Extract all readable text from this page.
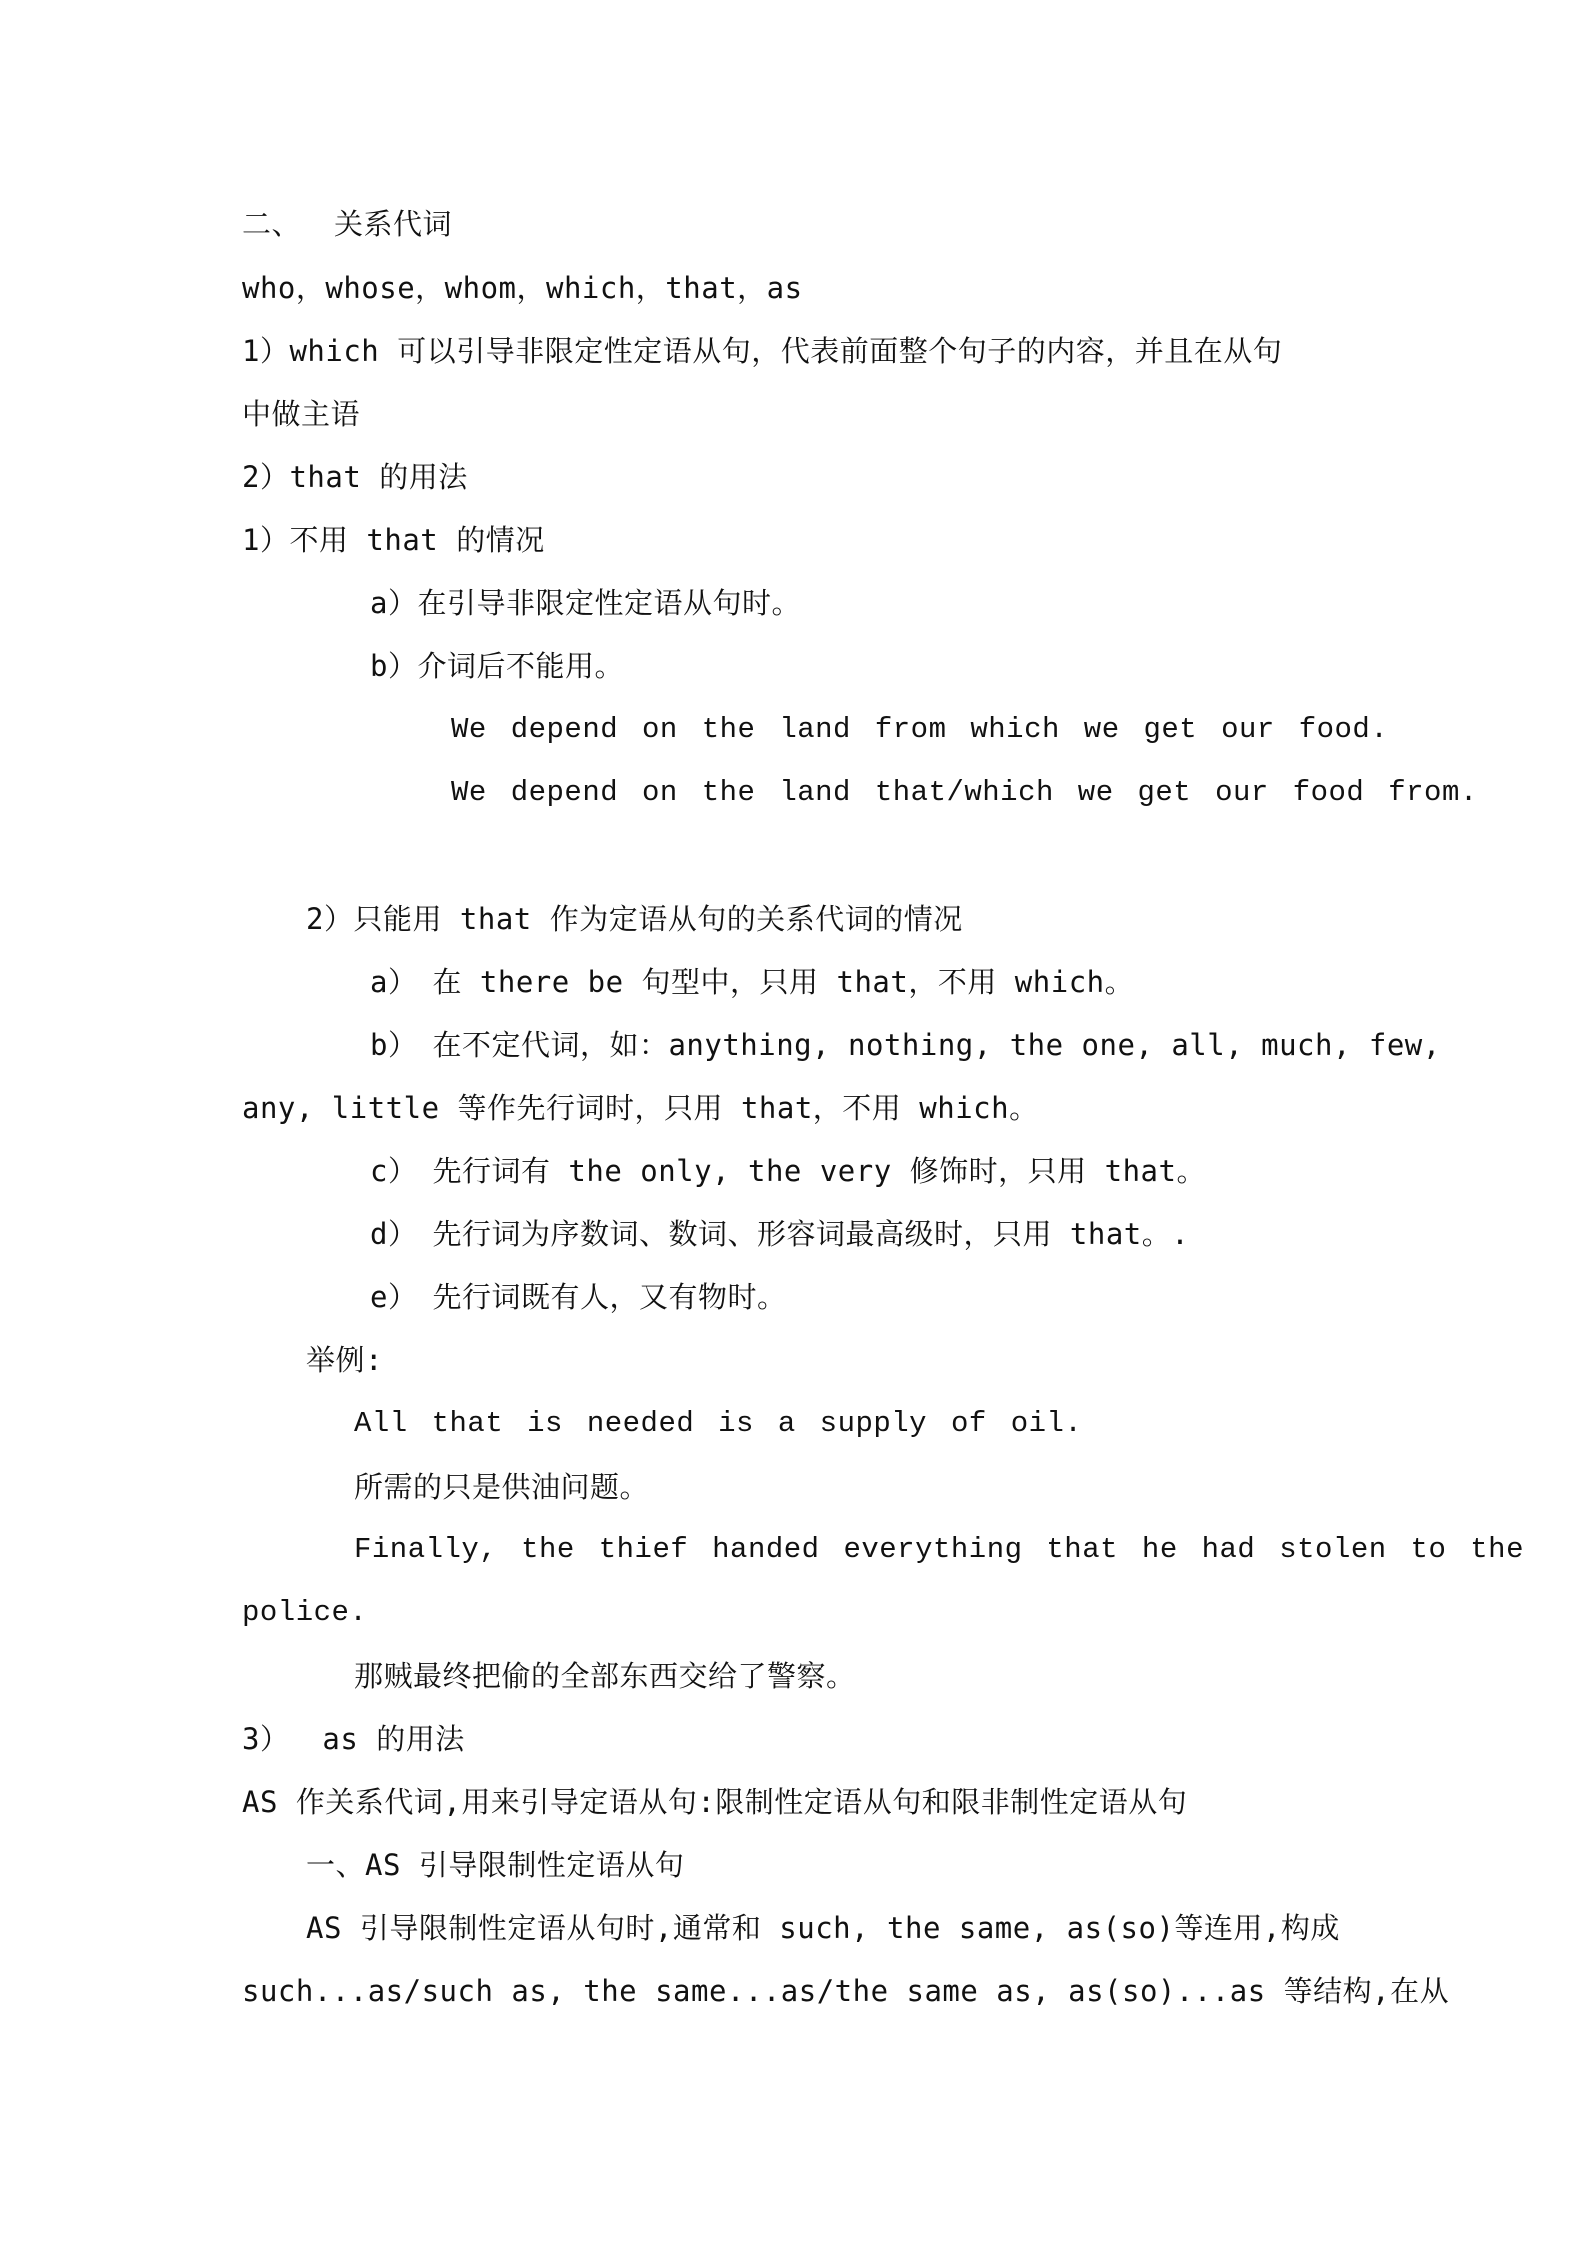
二、　 关系代词
who，whose，whom，which，that，as
1）which 可以引导非限定性定语从句，代表前面整个句子的内容，并且在从句
中做主语
2）that 的用法
1）不用 that 的情况
a）在引导非限定性定语从句时。
b）介词后不能用。
We depend on the land from which we get our food.
We depend on the land that/which we get our food from.
2）只能用 that 作为定语从句的关系代词的情况
a）　在 there be 句型中，只用 that，不用 which。
b）　在不定代词，如：anything, nothing, the one, all, much, few,
any, little 等作先行词时，只用 that，不用 which。
c）　先行词有 the only, the very 修饰时，只用 that。
d）　先行词为序数词、数词、形容词最高级时，只用 that。.
e）　先行词既有人，又有物时。
举例:
All that is needed is a supply of oil.
所需的只是供油问题。
Finally, the thief handed everything that he had stolen to the
police.
那贼最终把偷的全部东西交给了警察。
3）　 as 的用法
AS 作关系代词,用来引导定语从句:限制性定语从句和限非制性定语从句
一、AS 引导限制性定语从句
AS 引导限制性定语从句时,通常和 such, the same, as(so)等连用,构成
such...as/such as, the same...as/the same as, as(so)...as 等结构,在从
